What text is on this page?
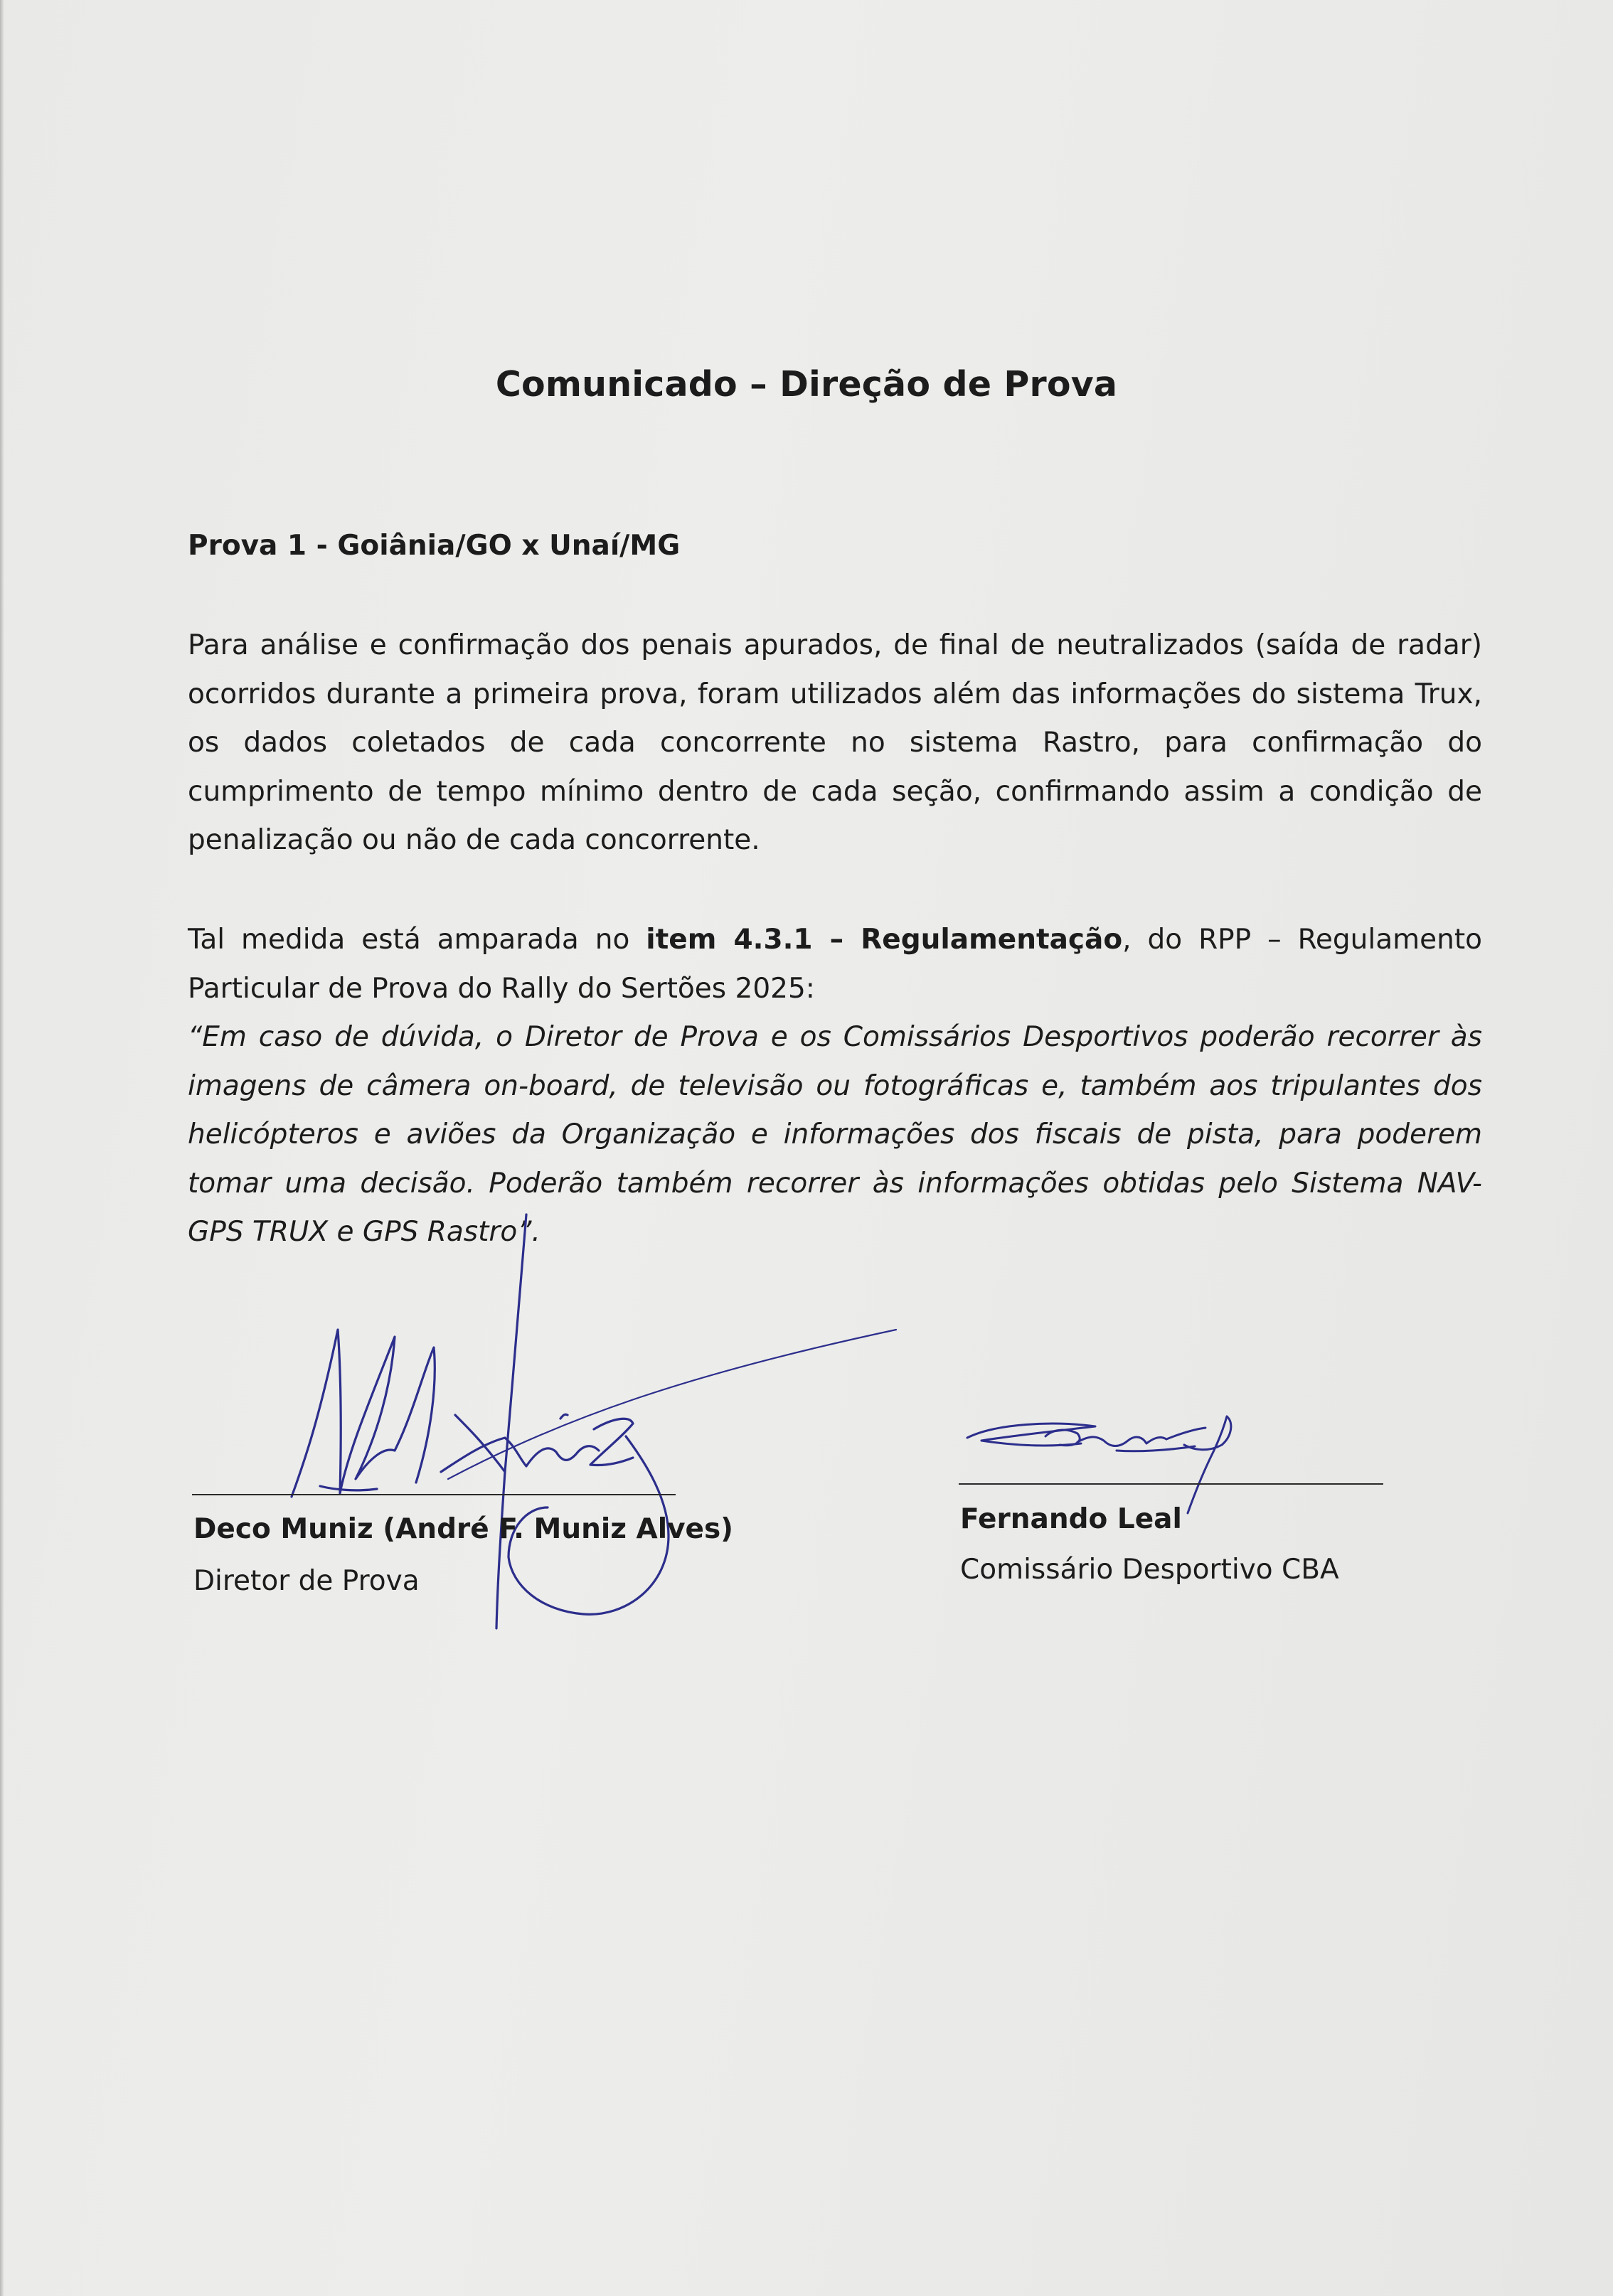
Comunicado – Direção de Prova
Prova 1 - Goiânia/GO x Unaí/MG
Para análise e confirmação dos penais apurados, de final de neutralizados (saída de radar) ocorridos durante a primeira prova, foram utilizados além das informações do sistema Trux, os dados coletados de cada concorrente no sistema Rastro, para confirmação do cumprimento de tempo mínimo dentro de cada seção, confirmando assim a condição de penalização ou não de cada concorrente.
Tal medida está amparada no item 4.3.1 – Regulamentação, do RPP – Regulamento Particular de Prova do Rally do Sertões 2025:
“Em caso de dúvida, o Diretor de Prova e os Comissários Desportivos poderão recorrer às imagens de câmera on-board, de televisão ou fotográficas e, também aos tripulantes dos helicópteros e aviões da Organização e informações dos fiscais de pista, para poderem tomar uma decisão. Poderão também recorrer às informações obtidas pelo Sistema NAV-GPS TRUX e GPS Rastro”.
Deco Muniz (André F. Muniz Alves)
Diretor de Prova
Fernando Leal
Comissário Desportivo CBA
